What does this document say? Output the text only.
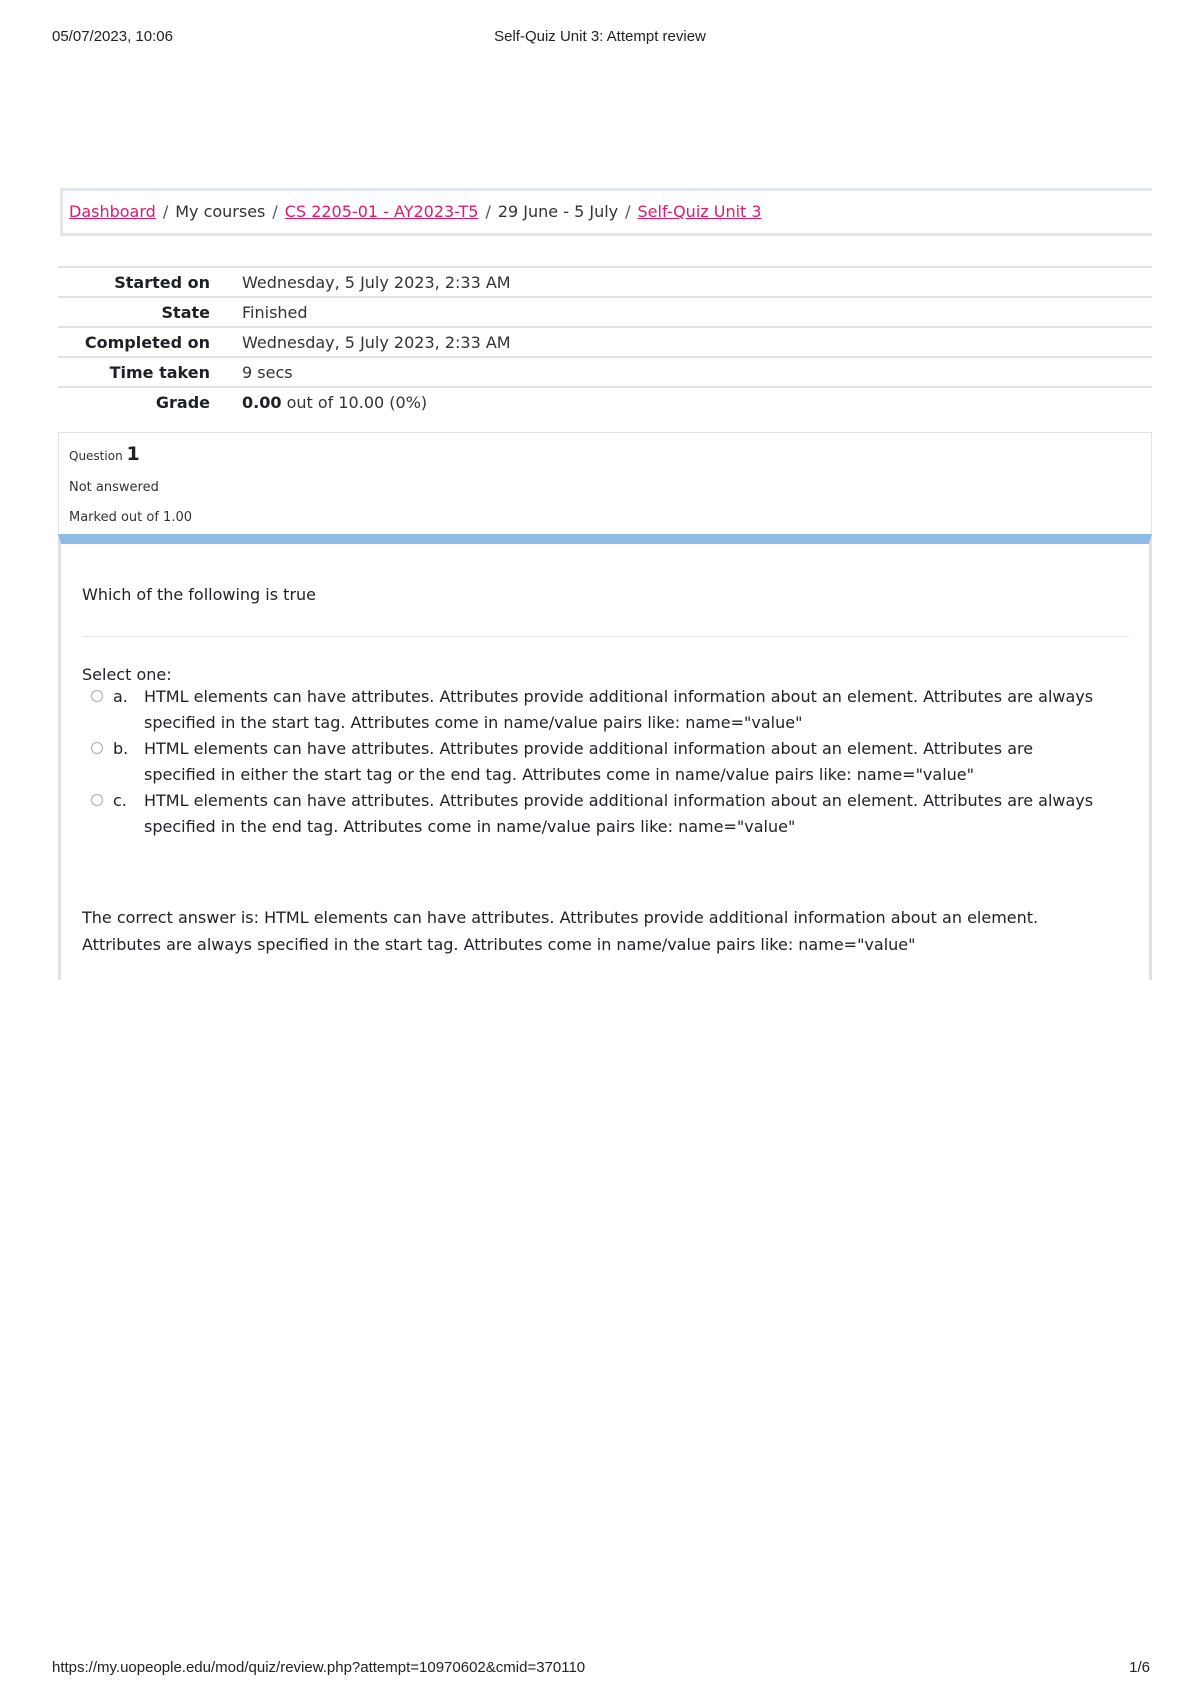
05/07/2023, 10:06	Self-Quiz Unit 3: Attempt review
Dashboard / My courses / CS 2205-01 - AY2023-T5 / 29 June - 5 July / Self-Quiz Unit 3
Started on Wednesday, 5 July 2023, 2:33 AM
State Finished
Completed on Wednesday, 5 July 2023, 2:33 AM
Time taken 9 secs
Grade 0.00 out of 10.00 (0%)
Question 1
Not answered
Marked out of 1.00
Which of the following is true
Select one:
a. HTML elements can have attributes. Attributes provide additional information about an element. Attributes are always specified in the start tag. Attributes come in name/value pairs like: name="value"
b. HTML elements can have attributes. Attributes provide additional information about an element. Attributes are specified in either the start tag or the end tag. Attributes come in name/value pairs like: name="value"
c. HTML elements can have attributes. Attributes provide additional information about an element. Attributes are always specified in the end tag. Attributes come in name/value pairs like: name="value"
The correct answer is: HTML elements can have attributes. Attributes provide additional information about an element. Attributes are always specified in the start tag. Attributes come in name/value pairs like: name="value"
https://my.uopeople.edu/mod/quiz/review.php?attempt=10970602&cmid=370110	1/6
